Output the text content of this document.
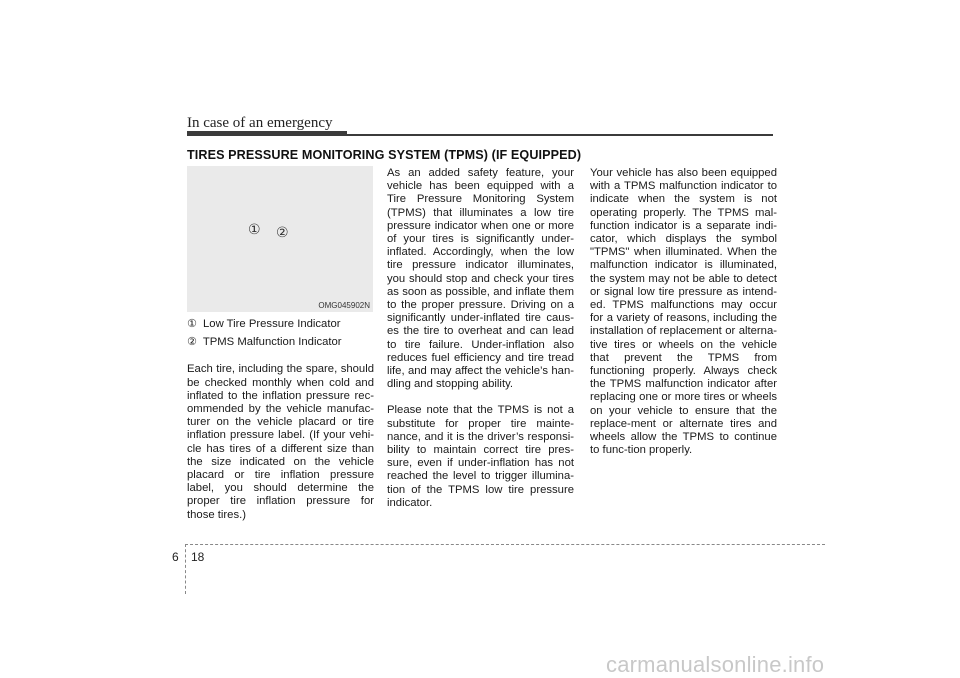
In case of an emergency
TIRES PRESSURE MONITORING SYSTEM (TPMS) (IF EQUIPPED)
① ②
OMG045902N
① Low Tire Pressure Indicator
② TPMS Malfunction Indicator

Each tire, including the spare, should be checked monthly when cold and inflated to the inflation pressure rec-ommended by the vehicle manufac-turer on the vehicle placard or tire inflation pressure label. (If your vehi-cle has tires of a different size than the size indicated on the vehicle placard or tire inflation pressure label, you should determine the proper tire inflation pressure for those tires.)

As an added safety feature, your vehicle has been equipped with a Tire Pressure Monitoring System (TPMS) that illuminates a low tire pressure indicator when one or more of your tires is significantly under-inflated. Accordingly, when the low tire pressure indicator illuminates, you should stop and check your tires as soon as possible, and inflate them to the proper pressure. Driving on a significantly under-inflated tire caus-es the tire to overheat and can lead to tire failure. Under-inflation also reduces fuel efficiency and tire tread life, and may affect the vehicle’s han-dling and stopping ability.

Please note that the TPMS is not a substitute for proper tire mainte-nance, and it is the driver’s responsi-bility to maintain correct tire pres-sure, even if under-inflation has not reached the level to trigger illumina-tion of the TPMS low tire pressure indicator.

Your vehicle has also been equipped with a TPMS malfunction indicator to indicate when the system is not operating properly. The TPMS mal-function indicator is a separate indi-cator, which displays the symbol "TPMS" when illuminated. When the malfunction indicator is illuminated, the system may not be able to detect or signal low tire pressure as intend-ed. TPMS malfunctions may occur for a variety of reasons, including the installation of replacement or alterna-tive tires or wheels on the vehicle that prevent the TPMS from functioning properly. Always check the TPMS malfunction indicator after replacing one or more tires or wheels on your vehicle to ensure that the replace-ment or alternate tires and wheels allow the TPMS to continue to func-tion properly.

6 18
carmanualsonline.info
